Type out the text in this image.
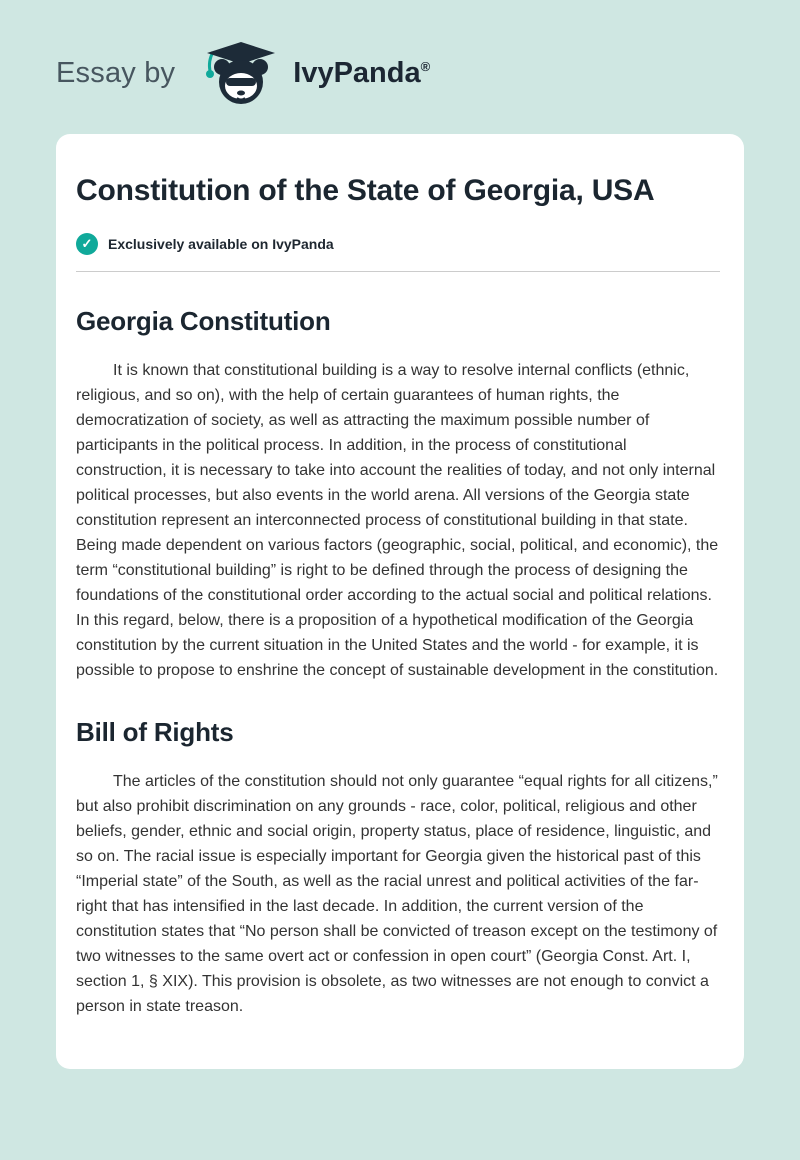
Essay by	IvyPanda ®
Constitution of the State of Georgia, USA
✓	Exclusively available on IvyPanda
Georgia Constitution

It is known that constitutional building is a way to resolve internal conflicts (ethnic, religious, and so on), with the help of certain guarantees of human rights, the democratization of society, as well as attracting the maximum possible number of participants in the political process. In addition, in the process of constitutional construction, it is necessary to take into account the realities of today, and not only internal political processes, but also events in the world arena. All versions of the Georgia state constitution represent an interconnected process of constitutional building in that state. Being made dependent on various factors (geographic, social, political, and economic), the term “constitutional building” is right to be defined through the process of designing the foundations of the constitutional order according to the actual social and political relations. In this regard, below, there is a proposition of a hypothetical modification of the Georgia constitution by the current situation in the United States and the world - for example, it is possible to propose to enshrine the concept of sustainable development in the constitution.

Bill of Rights

The articles of the constitution should not only guarantee “equal rights for all citizens,” but also prohibit discrimination on any grounds - race, color, political, religious and other beliefs, gender, ethnic and social origin, property status, place of residence, linguistic, and so on. The racial issue is especially important for Georgia given the historical past of this “Imperial state” of the South, as well as the racial unrest and political activities of the far-right that has intensified in the last decade. In addition, the current version of the constitution states that “No person shall be convicted of treason except on the testimony of two witnesses to the same overt act or confession in open court” (Georgia Const. Art. I, section 1, § XIX). This provision is obsolete, as two witnesses are not enough to convict a person in state treason.
